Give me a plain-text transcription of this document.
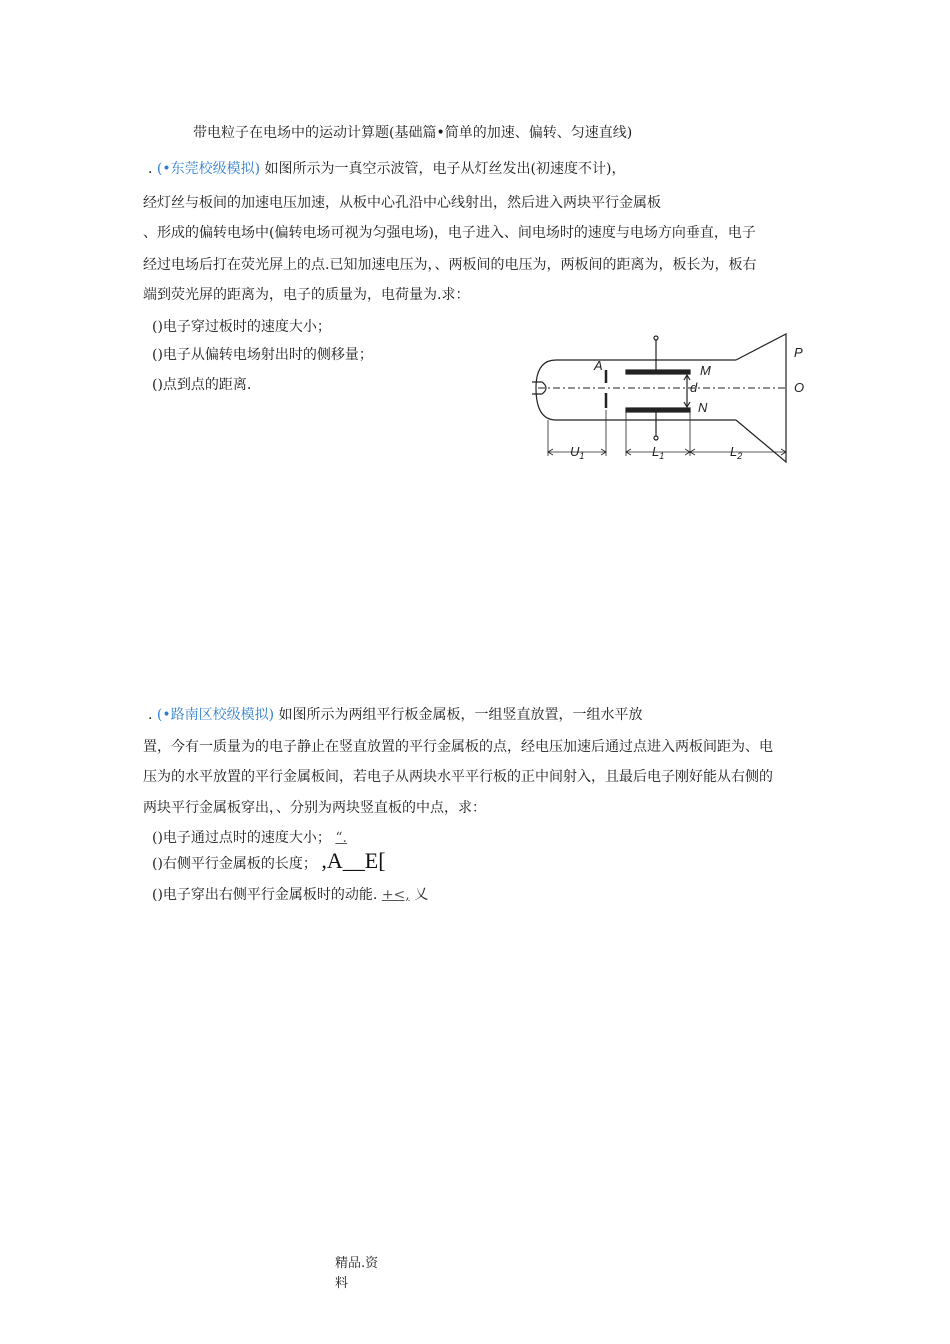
带电粒子在电场中的运动计算题(基础篇•简单的加速、偏转、匀速直线)
. (•东莞校级模拟) 如图所示为一真空示波管，电子从灯丝发出(初速度不计)，
经灯丝与板间的加速电压加速，从板中心孔沿中心线射出，然后进入两块平行金属板
、形成的偏转电场中(偏转电场可视为匀强电场)，电子进入、间电场时的速度与电场方向垂直，电子
经过电场后打在荧光屏上的点.已知加速电压为，、两板间的电压为，两板间的距离为，板长为，板右
端到荧光屏的距离为，电子的质量为，电荷量为.求：
()电子穿过板时的速度大小；
()电子从偏转电场射出时的侧移量；
()点到点的距离.
A	M
d
N
P
O
$U_1$	$L_1$	$L_2$
. (•路南区校级模拟) 如图所示为两组平行板金属板，一组竖直放置，一组水平放
置，今有一质量为的电子静止在竖直放置的平行金属板的点，经电压加速后通过点进入两板间距为、电
压为的水平放置的平行金属板间，若电子从两块水平平行板的正中间射入，且最后电子刚好能从右侧的
两块平行金属板穿出，、分别为两块竖直板的中点，求：
()电子通过点时的速度大小； “.
()右侧平行金属板的长度； ,A__E[
()电子穿出右侧平行金属板时的动能. +<, 乂
精品.资
料
